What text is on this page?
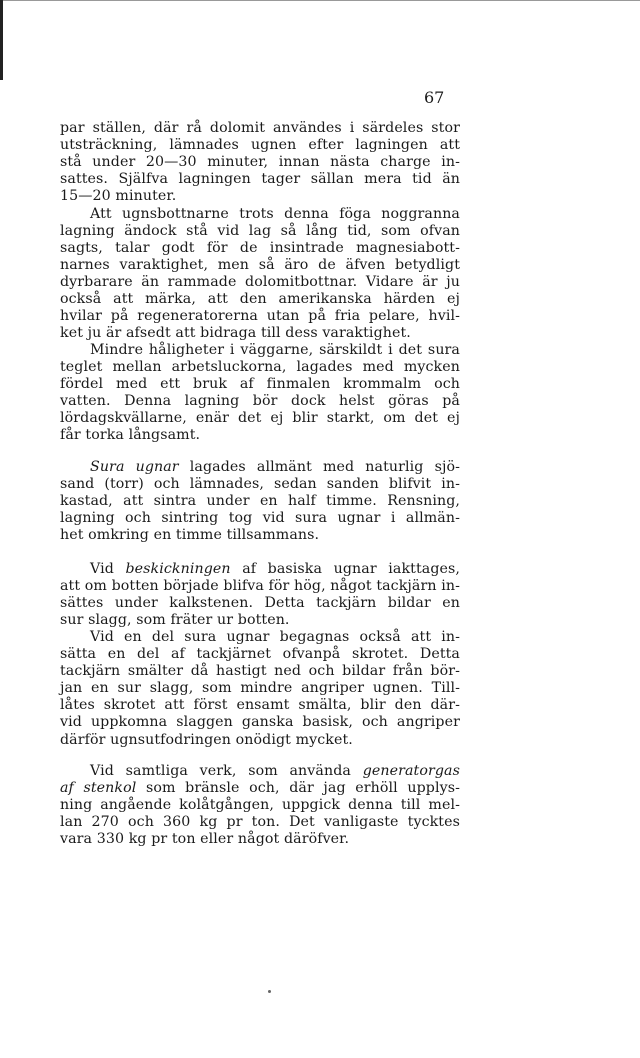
67
par ställen, där rå dolomit användes i särdeles stor
utsträckning, lämnades ugnen efter lagningen att
stå under 20—30 minuter, innan nästa charge in-
sattes. Själfva lagningen tager sällan mera tid än
15—20 minuter.
Att ugnsbottnarne trots denna föga noggranna
lagning ändock stå vid lag så lång tid, som ofvan
sagts, talar godt för de insintrade magnesiabott-
narnes varaktighet, men så äro de äfven betydligt
dyrbarare än rammade dolomitbottnar. Vidare är ju
också att märka, att den amerikanska härden ej
hvilar på regeneratorerna utan på fria pelare, hvil-
ket ju är afsedt att bidraga till dess varaktighet.
Mindre håligheter i väggarne, särskildt i det sura
teglet mellan arbetsluckorna, lagades med mycken
fördel med ett bruk af finmalen krommalm och
vatten. Denna lagning bör dock helst göras på
lördagskvällarne, enär det ej blir starkt, om det ej
får torka långsamt.
Sura ugnar lagades allmänt med naturlig sjö-
sand (torr) och lämnades, sedan sanden blifvit in-
kastad, att sintra under en half timme. Rensning,
lagning och sintring tog vid sura ugnar i allmän-
het omkring en timme tillsammans.
Vid beskickningen af basiska ugnar iakttages,
att om botten började blifva för hög, något tackjärn in-
sättes under kalkstenen. Detta tackjärn bildar en
sur slagg, som fräter ur botten.
Vid en del sura ugnar begagnas också att in-
sätta en del af tackjärnet ofvanpå skrotet. Detta
tackjärn smälter då hastigt ned och bildar från bör-
jan en sur slagg, som mindre angriper ugnen. Till-
låtes skrotet att först ensamt smälta, blir den där-
vid uppkomna slaggen ganska basisk, och angriper
därför ugnsutfodringen onödigt mycket.
Vid samtliga verk, som använda generatorgas
af stenkol som bränsle och, där jag erhöll upplys-
ning angående kolåtgången, uppgick denna till mel-
lan 270 och 360 kg pr ton. Det vanligaste tycktes
vara 330 kg pr ton eller något däröfver.
